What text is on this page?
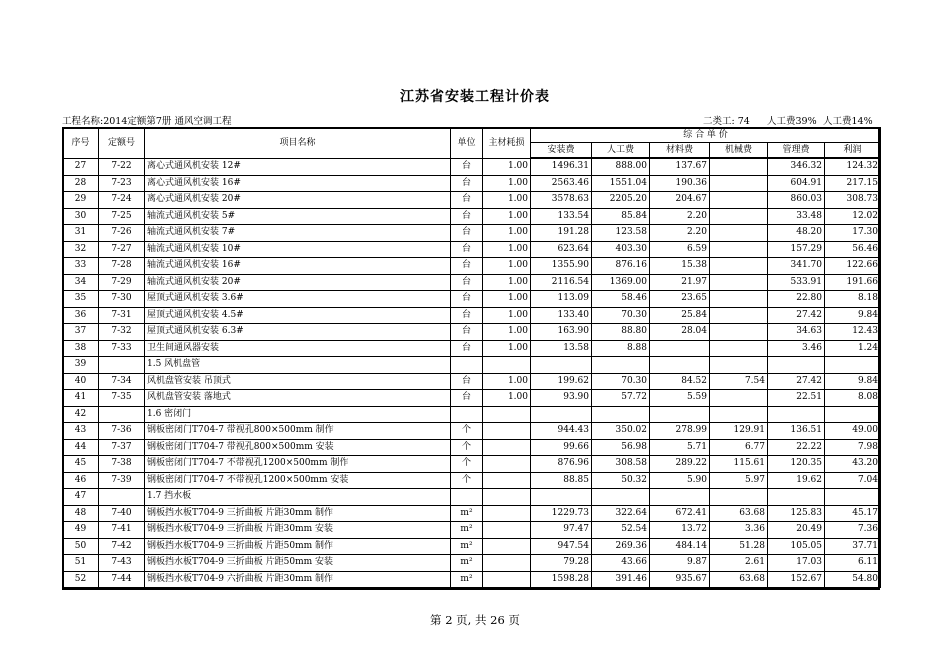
江苏省安装工程计价表
工程名称:2014定额第7册 通风空调工程	二类工: 74 人工费39% 人工费14%
序号	定额号	项目名称	单位	主材耗损	综 合 单 价					
					安装费	人工费	材料费	机械费	管理费	利润
27	7-22	离心式通风机安装 12#	台	1.00	1496.31	888.00	137.67		346.32	124.32
28	7-23	离心式通风机安装 16#	台	1.00	2563.46	1551.04	190.36		604.91	217.15
29	7-24	离心式通风机安装 20#	台	1.00	3578.63	2205.20	204.67		860.03	308.73
30	7-25	轴流式通风机安装 5#	台	1.00	133.54	85.84	2.20		33.48	12.02
31	7-26	轴流式通风机安装 7#	台	1.00	191.28	123.58	2.20		48.20	17.30
32	7-27	轴流式通风机安装 10#	台	1.00	623.64	403.30	6.59		157.29	56.46
33	7-28	轴流式通风机安装 16#	台	1.00	1355.90	876.16	15.38		341.70	122.66
34	7-29	轴流式通风机安装 20#	台	1.00	2116.54	1369.00	21.97		533.91	191.66
35	7-30	屋顶式通风机安装 3.6#	台	1.00	113.09	58.46	23.65		22.80	8.18
36	7-31	屋顶式通风机安装 4.5#	台	1.00	133.40	70.30	25.84		27.42	9.84
37	7-32	屋顶式通风机安装 6.3#	台	1.00	163.90	88.80	28.04		34.63	12.43
38	7-33	卫生间通风器安装	台	1.00	13.58	8.88			3.46	1.24
39		1.5 风机盘管								
40	7-34	风机盘管安装 吊顶式	台	1.00	199.62	70.30	84.52	7.54	27.42	9.84
41	7-35	风机盘管安装 落地式	台	1.00	93.90	57.72	5.59		22.51	8.08
42		1.6 密闭门								
43	7-36	钢板密闭门T704-7 带视孔800×500mm 制作	个		944.43	350.02	278.99	129.91	136.51	49.00
44	7-37	钢板密闭门T704-7 带视孔800×500mm 安装	个		99.66	56.98	5.71	6.77	22.22	7.98
45	7-38	钢板密闭门T704-7 不带视孔1200×500mm 制作	个		876.96	308.58	289.22	115.61	120.35	43.20
46	7-39	钢板密闭门T704-7 不带视孔1200×500mm 安装	个		88.85	50.32	5.90	5.97	19.62	7.04
47		1.7 挡水板								
48	7-40	钢板挡水板T704-9 三折曲板 片距30mm 制作	m²		1229.73	322.64	672.41	63.68	125.83	45.17
49	7-41	钢板挡水板T704-9 三折曲板 片距30mm 安装	m²		97.47	52.54	13.72	3.36	20.49	7.36
50	7-42	钢板挡水板T704-9 三折曲板 片距50mm 制作	m²		947.54	269.36	484.14	51.28	105.05	37.71
51	7-43	钢板挡水板T704-9 三折曲板 片距50mm 安装	m²		79.28	43.66	9.87	2.61	17.03	6.11
52	7-44	钢板挡水板T704-9 六折曲板 片距30mm 制作	m²		1598.28	391.46	935.67	63.68	152.67	54.80
第 2 页, 共 26 页
